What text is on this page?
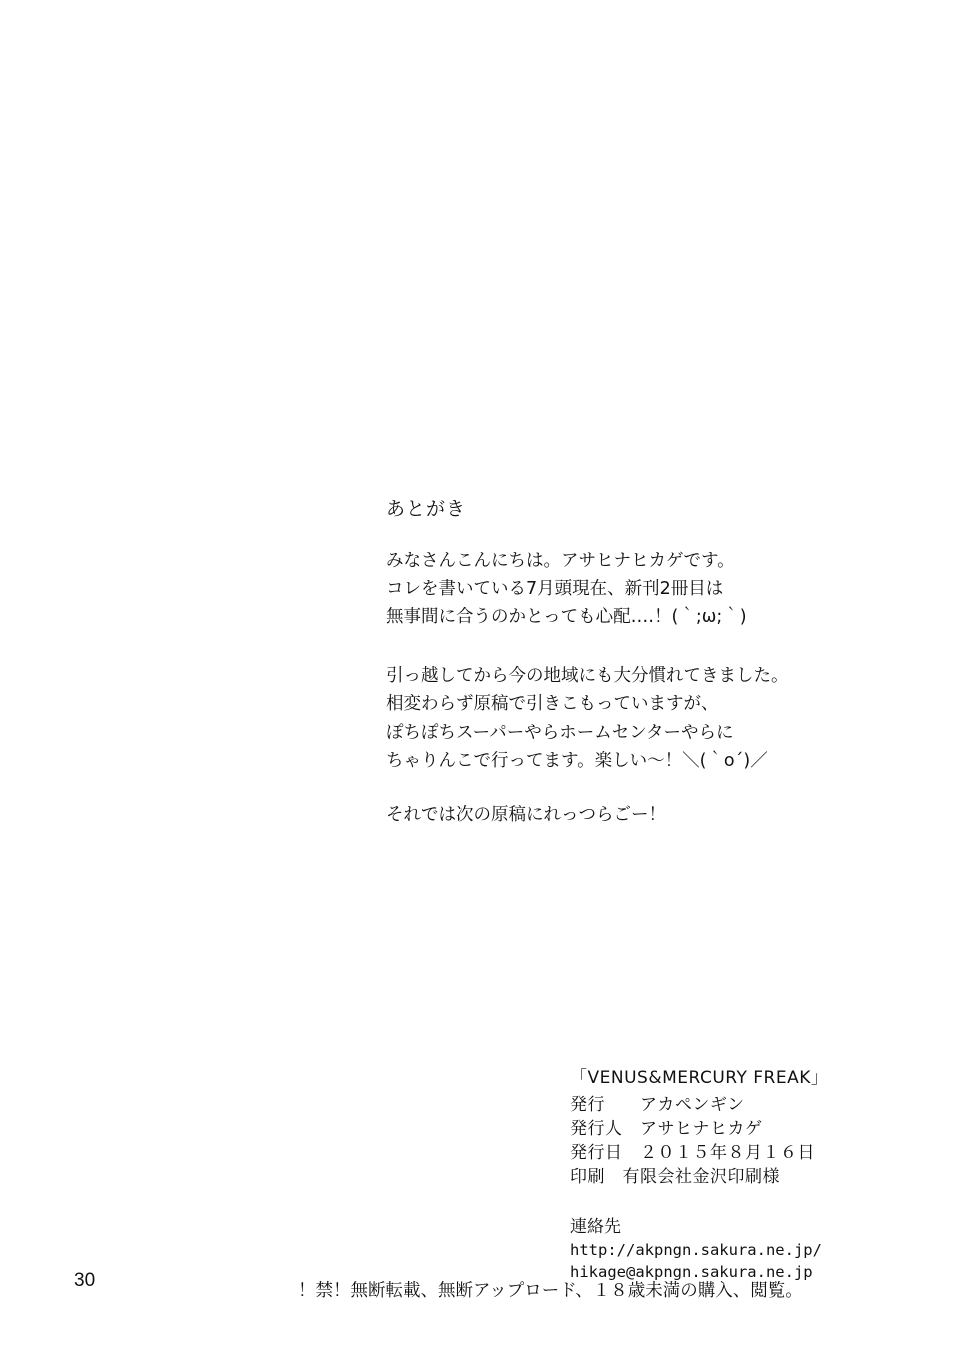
あとがき

みなさんこんにちは。アサヒナヒカゲです。

コレを書いている7月頭現在、新刊2冊目は

無事間に合うのかとっても心配‥‥！(｀;ω;｀)

引っ越してから今の地域にも大分慣れてきました。

相変わらず原稿で引きこもっていますが、

ぽちぽちスーパーやらホームセンターやらに

ちゃりんこで行ってます。楽しい〜！＼(｀ο´)／

それでは次の原稿にれっつらごー！

「VENUS&MERCURY FREAK」
発行　　アカペンギン
発行人　アサヒナヒカゲ
発行日　２０１５年８月１６日
印刷　有限会社金沢印刷様
連絡先
http://akpngn.sakura.ne.jp/
hikage@akpngn.sakura.ne.jp
！禁！無断転載、無断アップロード、１８歳未満の購入、閲覧。
30
